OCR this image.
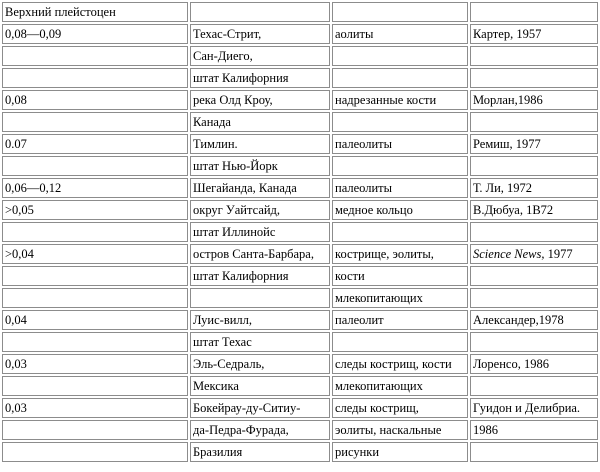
Верхний плейстоцен			
0,08—0,09	Техас-Стрит,	аолиты	Картер, 1957
	Сан-Диего,		
	штат Калифорния		
0,08	река Олд Кроу,	надрезанные кости	Морлан,1986
	Канада		
0.07	Тимлин.	палеолиты	Ремиш, 1977
	штат Нью-Йорк		
0,06—0,12	Шегайанда, Канада	палеолиты	Т. Ли, 1972
>0,05	округ Уайтсайд,	медное кольцо	В.Дюбуа, 1В72
	штат Иллинойс		
>0,04	остров Санта-Барбара,	кострище, эолиты,	Science News, 1977
	штат Калифорния	кости	
		млекопитающих	
0,04	Луис-вилл,	палеолит	Александер,1978
	штат Техас		
0,03	Эль-Седраль,	следы кострищ, кости	Лоренсо, 1986
	Мексика	млекопитающих	
0,03	Бокейрау-ду-Ситиу-	следы кострищ,	Гуидон и Делибриа.
	да-Педра-Фурада,	эолиты, наскальные	1986
	Бразилия	рисунки	
